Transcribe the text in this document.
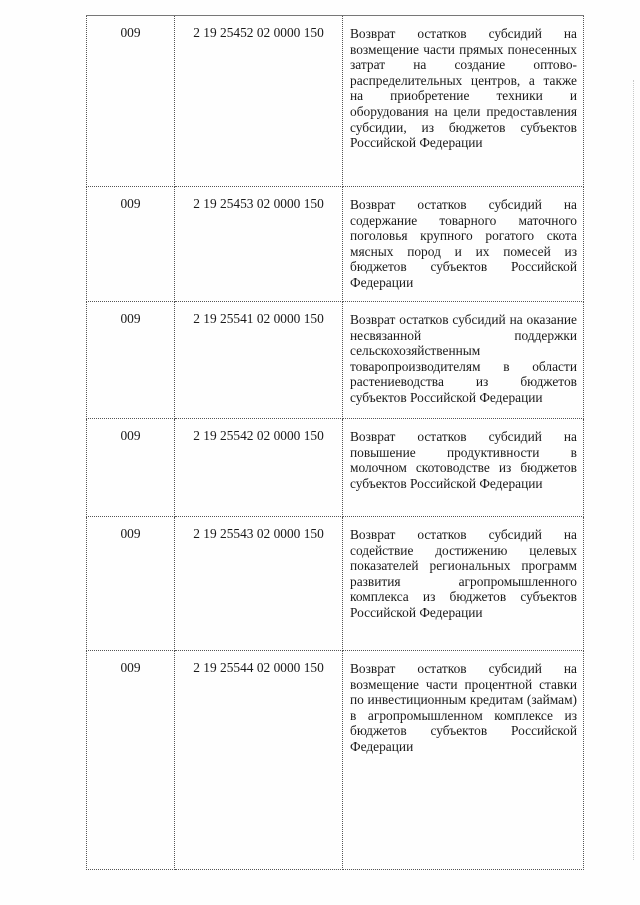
009	2 19 25452 02 0000 150	Возврат остатков субсидий на возмещение части прямых понесенных затрат на создание оптово-распределительных центров, а также на приобретение техники и оборудования на цели предоставления субсидии, из бюджетов субъектов Российской Федерации

009	2 19 25453 02 0000 150	Возврат остатков субсидий на содержание товарного маточного поголовья крупного рогатого скота мясных пород и их помесей из бюджетов субъектов Российской Федерации

009	2 19 25541 02 0000 150	Возврат остатков субсидий на оказание несвязанной поддержки сельскохозяйственным товаропроизводителям в области растениеводства из бюджетов субъектов Российской Федерации

009	2 19 25542 02 0000 150	Возврат остатков субсидий на повышение продуктивности в молочном скотоводстве из бюджетов субъектов Российской Федерации

009	2 19 25543 02 0000 150	Возврат остатков субсидий на содействие достижению целевых показателей региональных программ развития агропромышленного комплекса из бюджетов субъектов Российской Федерации

009	2 19 25544 02 0000 150	Возврат остатков субсидий на возмещение части процентной ставки по инвестиционным кредитам (займам) в агропромышленном комплексе из бюджетов субъектов Российской Федерации
